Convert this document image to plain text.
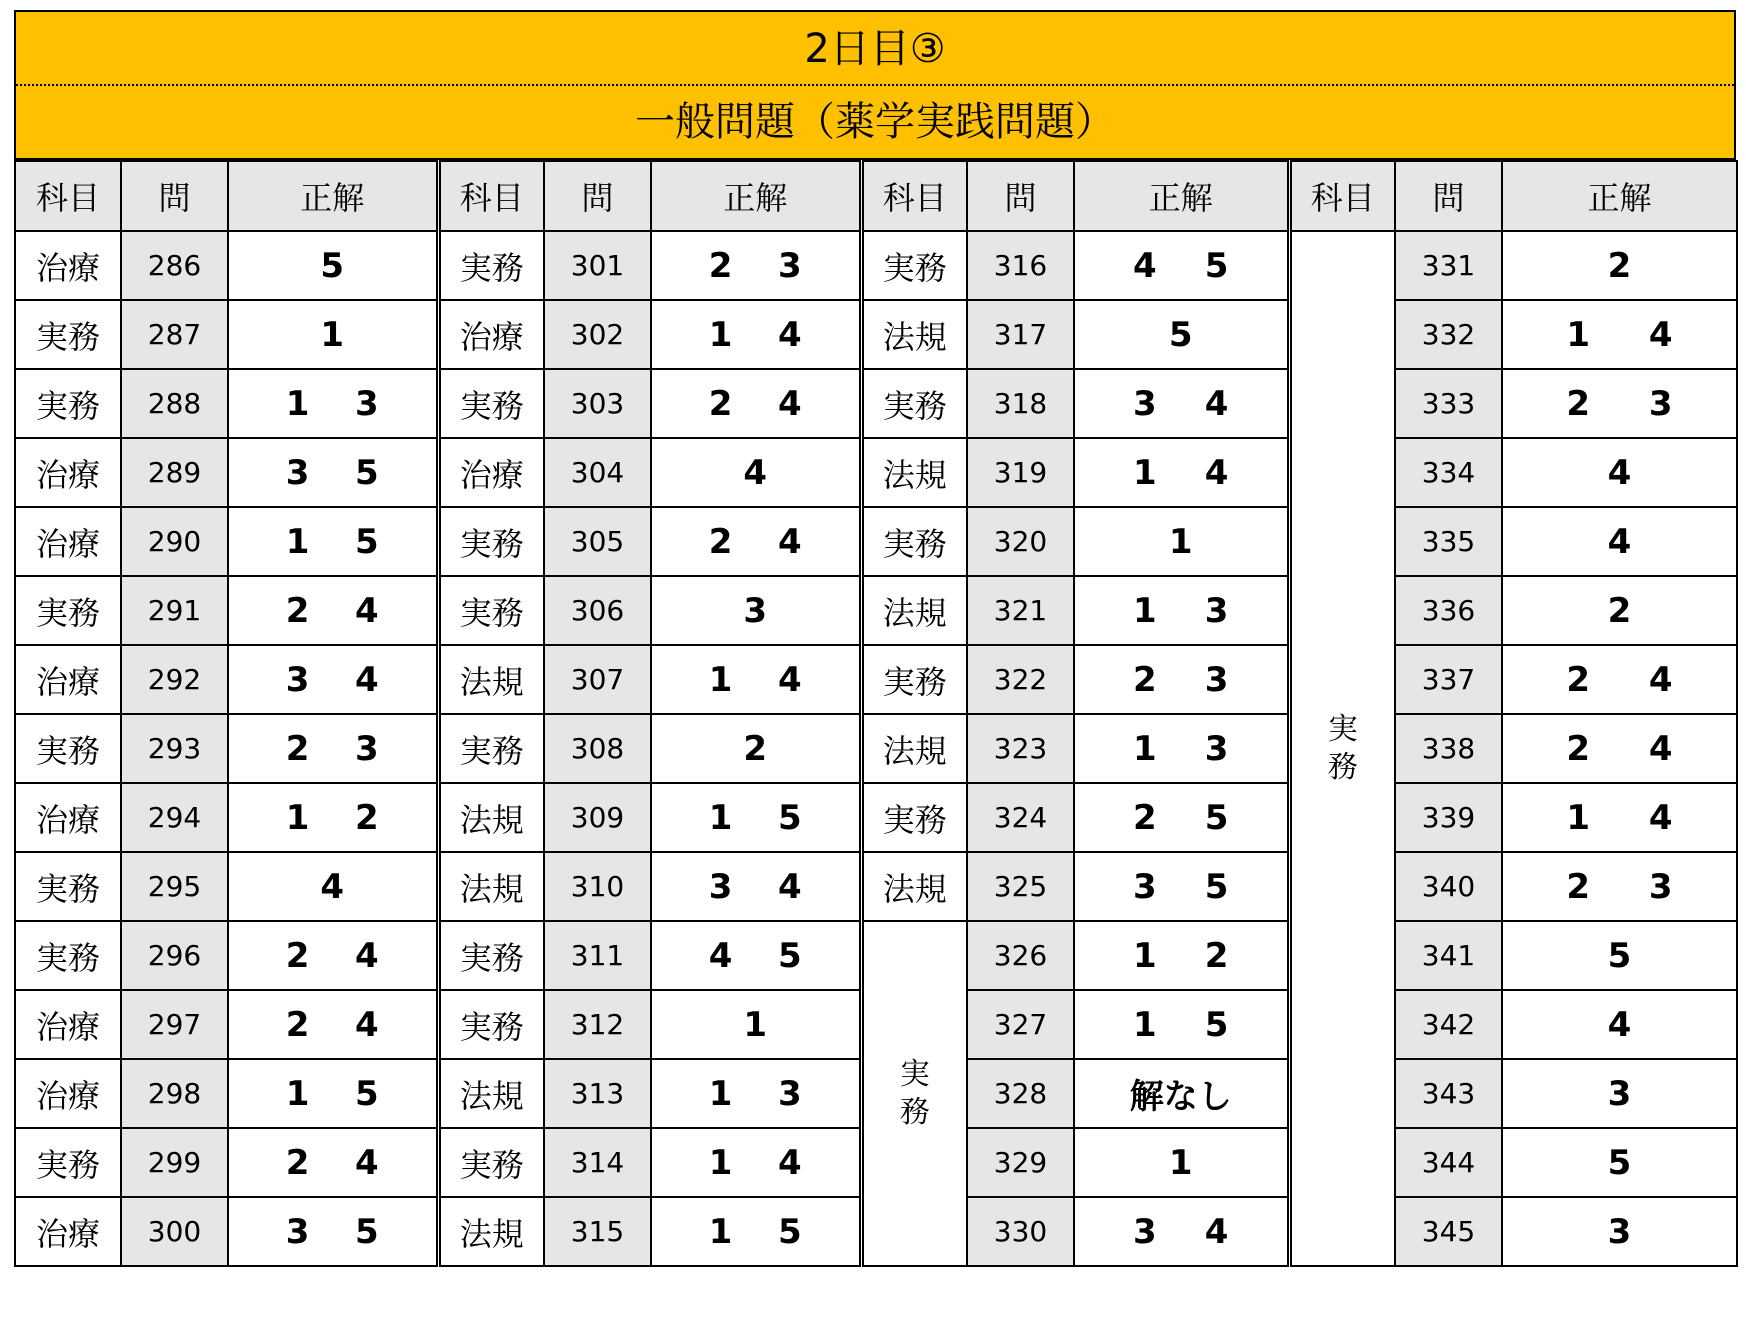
2日目③
一般問題（薬学実践問題）
科目	問	正解	科目	問	正解	科目	問	正解	科目	問	正解
治療	286	5	実務	301	2 3	実務	316	4 5	実務	331	2
実務	287	1	治療	302	1 4	法規	317	5		332	1 4

実務	288	1 3	実務	303	2 4	実務	318	3 4		333	2 3

治療	289	3 5	治療	304	4	法規	319	1 4		334	4
治療	290	1 5	実務	305	2 4	実務	320	1		335	4
実務	291	2 4	実務	306	3	法規	321	1 3		336	2
治療	292	3 4	法規	307	1 4	実務	322	2 3		337	2 4

実務	293	2 3	実務	308	2	法規	323	1 3		338	2 4

治療	294	1 2	法規	309	1 5	実務	324	2 5		339	1 4

実務	295	4	法規	310	3 4	法規	325	3 5		340	2 3

実務	296	2 4	実務	311	4 5	実務	326	1 2		341	5
治療	297	2 4	実務	312	1		327	1 5		342	4
治療	298	1 5	法規	313	1 3		328	解なし		343	3
実務	299	2 4	実務	314	1 4		329	1		344	5
治療	300	3 5	法規	315	1 5		330	3 4		345	3
